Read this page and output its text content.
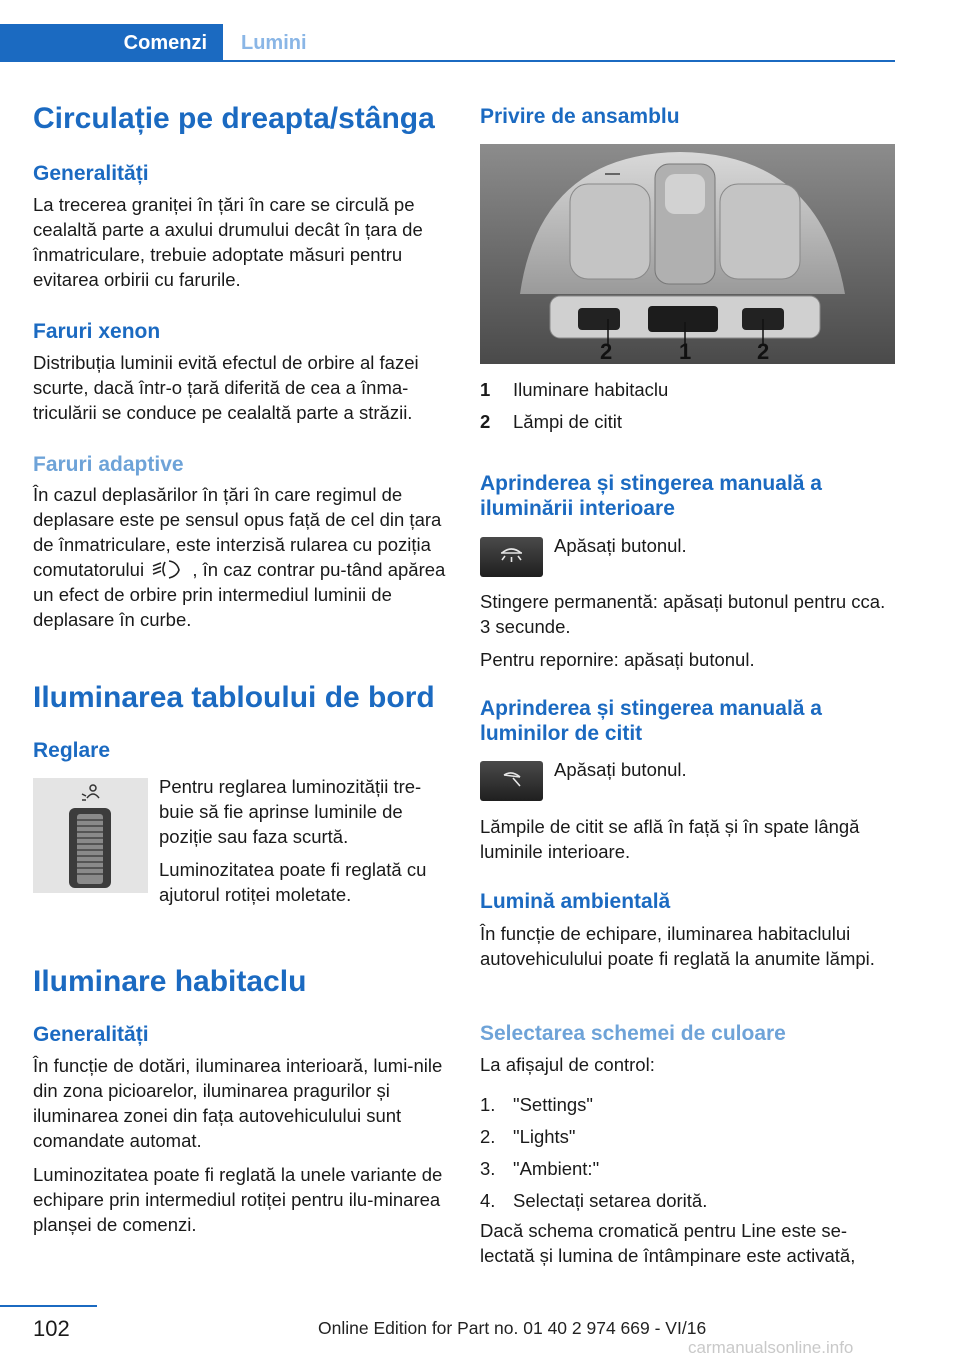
Comenzi	Lumini
Circulație pe dreapta/stânga
Generalități

La trecerea graniței în țări în care se circulă pe cealaltă parte a axului drumului decât în țara de înmatriculare, trebuie adoptate măsuri pentru evitarea orbirii cu farurile.

Faruri xenon

Distribuția luminii evită efectul de orbire al fazei scurte, dacă într-o țară diferită de cea a înma-triculării se conduce pe cealaltă parte a străzii.

Faruri adaptive

În cazul deplasărilor în țări în care regimul de deplasare este pe sensul opus față de cel din țara de înmatriculare, este interzisă rularea cu poziția comutatorului	, în caz contrar pu-tând apărea un efect de orbire prin intermediul luminii de deplasare în curbe.

Iluminarea tabloului de bord
Reglare

Pentru reglarea luminozității tre-buie să fie aprinse luminile de poziție sau faza scurtă.

Luminozitatea poate fi reglată cu ajutorul rotiței moletate.

Iluminare habitaclu
Generalități

În funcție de dotări, iluminarea interioară, lumi-nile din zona picioarelor, iluminarea pragurilor și iluminarea zonei din fața autovehiculului sunt comandate automat.

Luminozitatea poate fi reglată la unele variante de echipare prin intermediul rotiței pentru ilu-minarea planșei de comenzi.

Privire de ansamblu
2	1	2
1 Iluminare habitaclu
2 Lămpi de citit
Aprinderea și stingerea manuală a iluminării interioare

Apăsați butonul.

Stingere permanentă: apăsați butonul pentru cca. 3 secunde.

Pentru repornire: apăsați butonul.

Aprinderea și stingerea manuală a luminilor de citit

Apăsați butonul.

Lămpile de citit se află în față și în spate lângă luminile interioare.

Lumină ambientală

În funcție de echipare, iluminarea habitaclului autovehiculului poate fi reglată la anumite lămpi.

Selectarea schemei de culoare

La afișajul de control:

1. "Settings"
2. "Lights"
3. "Ambient:"
4. Selectați setarea dorită.

Dacă schema cromatică pentru Line este se-lectată și lumina de întâmpinare este activată,

102	Online Edition for Part no. 01 40 2 974 669 - VI/16
carmanualsonline.info
